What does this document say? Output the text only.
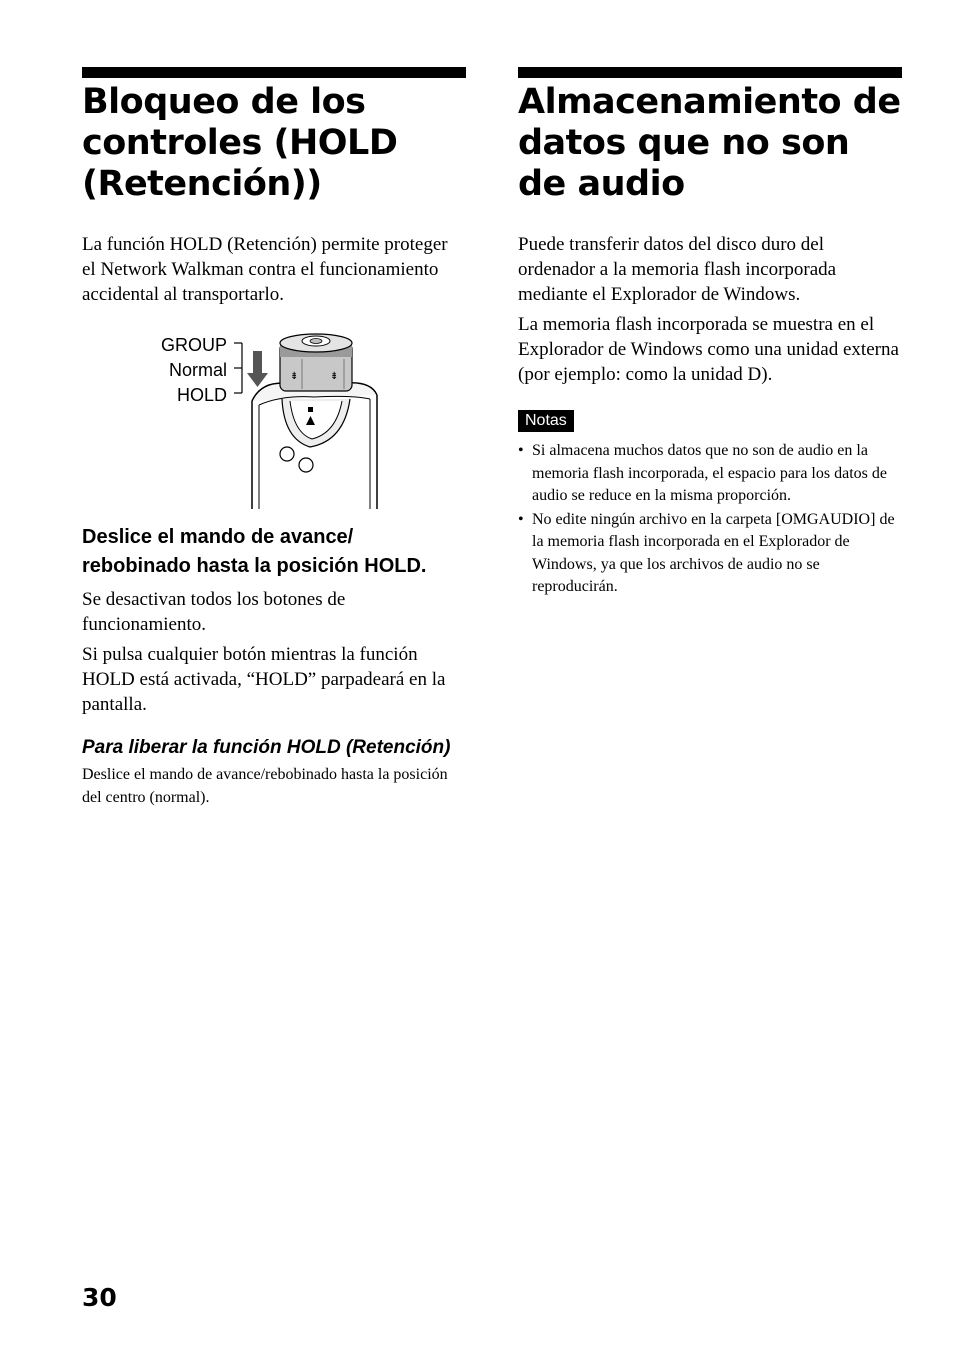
Bloqueo de los controles (HOLD (Retención))

La función HOLD (Retención) permite proteger el Network Walkman contra el funcionamiento accidental al transportarlo.

GROUP
Normal
HOLD
⇟	⇟

Deslice el mando de avance/ rebobinado hasta la posición HOLD.

Se desactivan todos los botones de funcionamiento.

Si pulsa cualquier botón mientras la función HOLD está activada, “HOLD” parpadeará en la pantalla.

Para liberar la función HOLD (Retención)

Deslice el mando de avance/rebobinado hasta la posición del centro (normal).

Almacenamiento de datos que no son de audio

Puede transferir datos del disco duro del ordenador a la memoria flash incorporada mediante el Explorador de Windows.

La memoria flash incorporada se muestra en el Explorador de Windows como una unidad externa (por ejemplo: como la unidad D).

Notas
• Si almacena muchos datos que no son de audio en la memoria flash incorporada, el espacio para los datos de audio se reduce en la misma proporción.
• No edite ningún archivo en la carpeta [OMGAUDIO] de la memoria flash incorporada en el Explorador de Windows, ya que los archivos de audio no se reproducirán.
30
